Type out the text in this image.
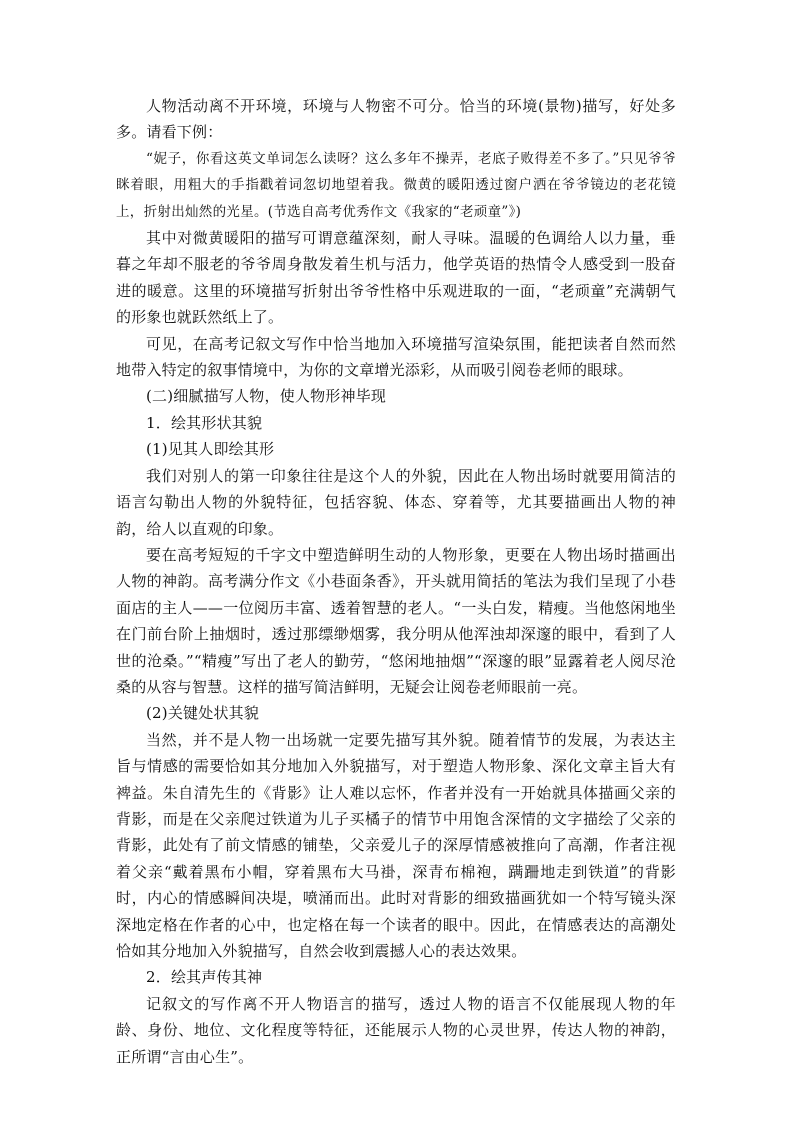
人物活动离不开环境，环境与人物密不可分。恰当的环境(景物)描写，好处多多。请看下例：

“妮子，你看这英文单词怎么读呀？这么多年不操弄，老底子败得差不多了。”只见爷爷眯着眼，用粗大的手指戳着词忽切地望着我。微黄的暖阳透过窗户洒在爷爷镜边的老花镜上，折射出灿然的光星。(节选自高考优秀作文《我家的“老顽童”》)

其中对微黄暖阳的描写可谓意蕴深刻，耐人寻味。温暖的色调给人以力量，垂暮之年却不服老的爷爷周身散发着生机与活力，他学英语的热情令人感受到一股奋进的暖意。这里的环境描写折射出爷爷性格中乐观进取的一面，“老顽童”充满朝气的形象也就跃然纸上了。

可见，在高考记叙文写作中恰当地加入环境描写渲染氛围，能把读者自然而然地带入特定的叙事情境中，为你的文章增光添彩，从而吸引阅卷老师的眼球。

(二)细腻描写人物，使人物形神毕现

1．绘其形状其貌

(1)见其人即绘其形

我们对别人的第一印象往往是这个人的外貌，因此在人物出场时就要用简洁的语言勾勒出人物的外貌特征，包括容貌、体态、穿着等，尤其要描画出人物的神韵，给人以直观的印象。

要在高考短短的千字文中塑造鲜明生动的人物形象，更要在人物出场时描画出人物的神韵。高考满分作文《小巷面条香》，开头就用简括的笔法为我们呈现了小巷面店的主人——一位阅历丰富、透着智慧的老人。“一头白发，精瘦。当他悠闲地坐在门前台阶上抽烟时，透过那缥缈烟雾，我分明从他浑浊却深邃的眼中，看到了人世的沧桑。”“精瘦”写出了老人的勤劳，“悠闲地抽烟”“深邃的眼”显露着老人阅尽沧桑的从容与智慧。这样的描写简洁鲜明，无疑会让阅卷老师眼前一亮。

(2)关键处状其貌

当然，并不是人物一出场就一定要先描写其外貌。随着情节的发展，为表达主旨与情感的需要恰如其分地加入外貌描写，对于塑造人物形象、深化文章主旨大有裨益。朱自清先生的《背影》让人难以忘怀，作者并没有一开始就具体描画父亲的背影，而是在父亲爬过铁道为儿子买橘子的情节中用饱含深情的文字描绘了父亲的背影，此处有了前文情感的铺垫，父亲爱儿子的深厚情感被推向了高潮，作者注视着父亲“戴着黑布小帽，穿着黑布大马褂，深青布棉袍，蹒跚地走到铁道”的背影时，内心的情感瞬间决堤，喷涌而出。此时对背影的细致描画犹如一个特写镜头深深地定格在作者的心中，也定格在每一个读者的眼中。因此，在情感表达的高潮处恰如其分地加入外貌描写，自然会收到震撼人心的表达效果。

2．绘其声传其神

记叙文的写作离不开人物语言的描写，透过人物的语言不仅能展现人物的年龄、身份、地位、文化程度等特征，还能展示人物的心灵世界，传达人物的神韵，正所谓“言由心生”。
